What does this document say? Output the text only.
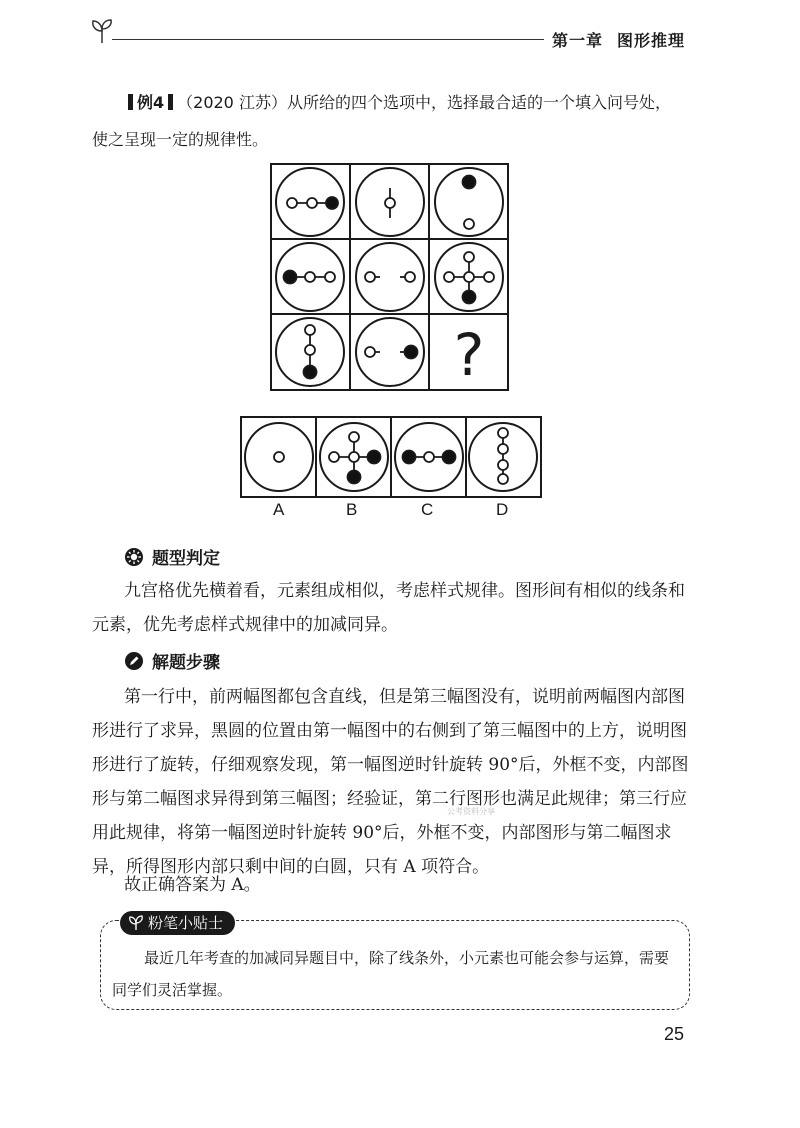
第一章 图形推理
例4 （2020 江苏）从所给的四个选项中，选择最合适的一个填入问号处，
使之呈现一定的规律性。
?
A	B	C	D
题型判定
九宫格优先横着看，元素组成相似，考虑样式规律。图形间有相似的线条和元素，优先考虑样式规律中的加减同异。
解题步骤
第一行中，前两幅图都包含直线，但是第三幅图没有，说明前两幅图内部图形进行了求异，黑圆的位置由第一幅图中的右侧到了第三幅图中的上方，说明图形进行了旋转，仔细观察发现，第一幅图逆时针旋转 90°后，外框不变，内部图形与第二幅图求异得到第三幅图；经验证，第二行图形也满足此规律；第三行应用此规律，将第一幅图逆时针旋转 90°后，外框不变，内部图形与第二幅图求异，所得图形内部只剩中间的白圆，只有 A 项符合。
故正确答案为 A。
公考资料分享
粉笔小贴士
最近几年考查的加减同异题目中，除了线条外，小元素也可能会参与运算，需要同学们灵活掌握。
25
